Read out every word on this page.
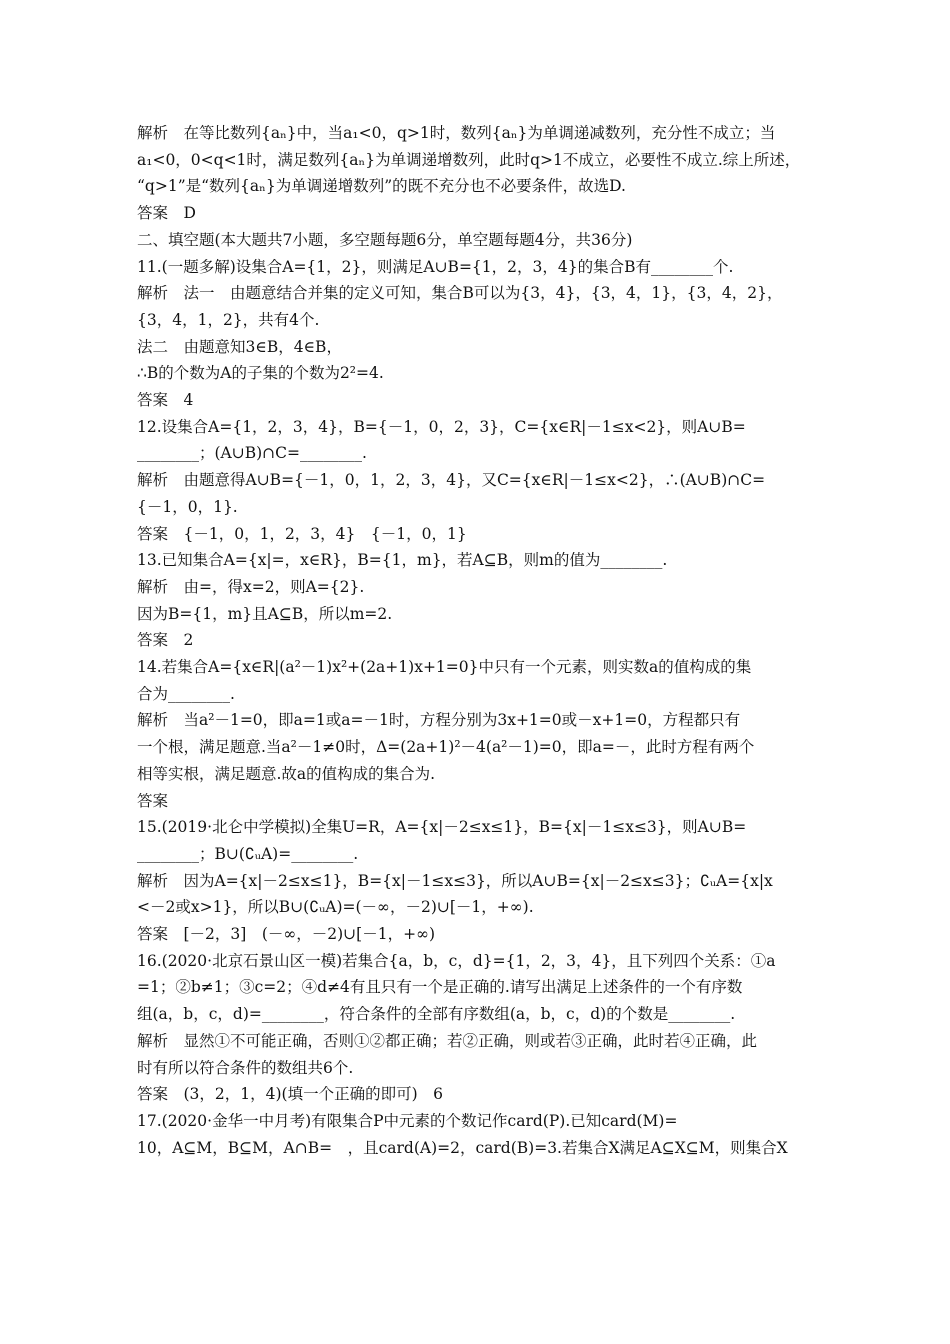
解析　在等比数列{aₙ}中，当a₁<0，q>1时，数列{aₙ}为单调递减数列，充分性不成立；当
a₁<0，0<q<1时，满足数列{aₙ}为单调递增数列，此时q>1不成立，必要性不成立.综上所述，
“q>1”是“数列{aₙ}为单调递增数列”的既不充分也不必要条件，故选D.
答案　D
二、填空题(本大题共7小题，多空题每题6分，单空题每题4分，共36分)
11.(一题多解)设集合A={1，2}，则满足A∪B={1，2，3，4}的集合B有________个.
解析　法一　由题意结合并集的定义可知，集合B可以为{3，4}，{3，4，1}，{3，4，2}，
{3，4，1，2}，共有4个.
法二　由题意知3∈B，4∈B，
∴B的个数为A的子集的个数为2²=4.
答案　4
12.设集合A={1，2，3，4}，B={－1，0，2，3}，C={x∈R|－1≤x<2}，则A∪B=
________；(A∪B)∩C=________.
解析　由题意得A∪B={－1，0，1，2，3，4}，又C={x∈R|－1≤x<2}，∴(A∪B)∩C=
{－1，0，1}.
答案　{－1，0，1，2，3，4}　{－1，0，1}
13.已知集合A={x|=，x∈R}，B={1，m}，若A⊆B，则m的值为________.
解析　由=，得x=2，则A={2}.
因为B={1，m}且A⊆B，所以m=2.
答案　2
14.若集合A={x∈R|(a²－1)x²+(2a+1)x+1=0}中只有一个元素，则实数a的值构成的集
合为________.
解析　当a²－1=0，即a=1或a=－1时，方程分别为3x+1=0或－x+1=0，方程都只有
一个根，满足题意.当a²－1≠0时，Δ=(2a+1)²－4(a²－1)=0，即a=－，此时方程有两个
相等实根，满足题意.故a的值构成的集合为.
答案
15.(2019·北仑中学模拟)全集U=R，A={x|－2≤x≤1}，B={x|－1≤x≤3}，则A∪B=
________；B∪(∁ᵤA)=________.
解析　因为A={x|－2≤x≤1}，B={x|－1≤x≤3}，所以A∪B={x|－2≤x≤3}；∁ᵤA={x|x
<－2或x>1}，所以B∪(∁ᵤA)=(－∞，－2)∪[－1，+∞).
答案　[－2，3]　(－∞，－2)∪[－1，+∞)
16.(2020·北京石景山区一模)若集合{a，b，c，d}={1，2，3，4}，且下列四个关系：①a
=1；②b≠1；③c=2；④d≠4有且只有一个是正确的.请写出满足上述条件的一个有序数
组(a，b，c，d)=________，符合条件的全部有序数组(a，b，c，d)的个数是________.
解析　显然①不可能正确，否则①②都正确；若②正确，则或若③正确，此时若④正确，此
时有所以符合条件的数组共6个.
答案　(3，2，1，4)(填一个正确的即可)　6
17.(2020·金华一中月考)有限集合P中元素的个数记作card(P).已知card(M)=
10，A⊆M，B⊆M，A∩B=　，且card(A)=2，card(B)=3.若集合X满足A⊆X⊆M，则集合X
